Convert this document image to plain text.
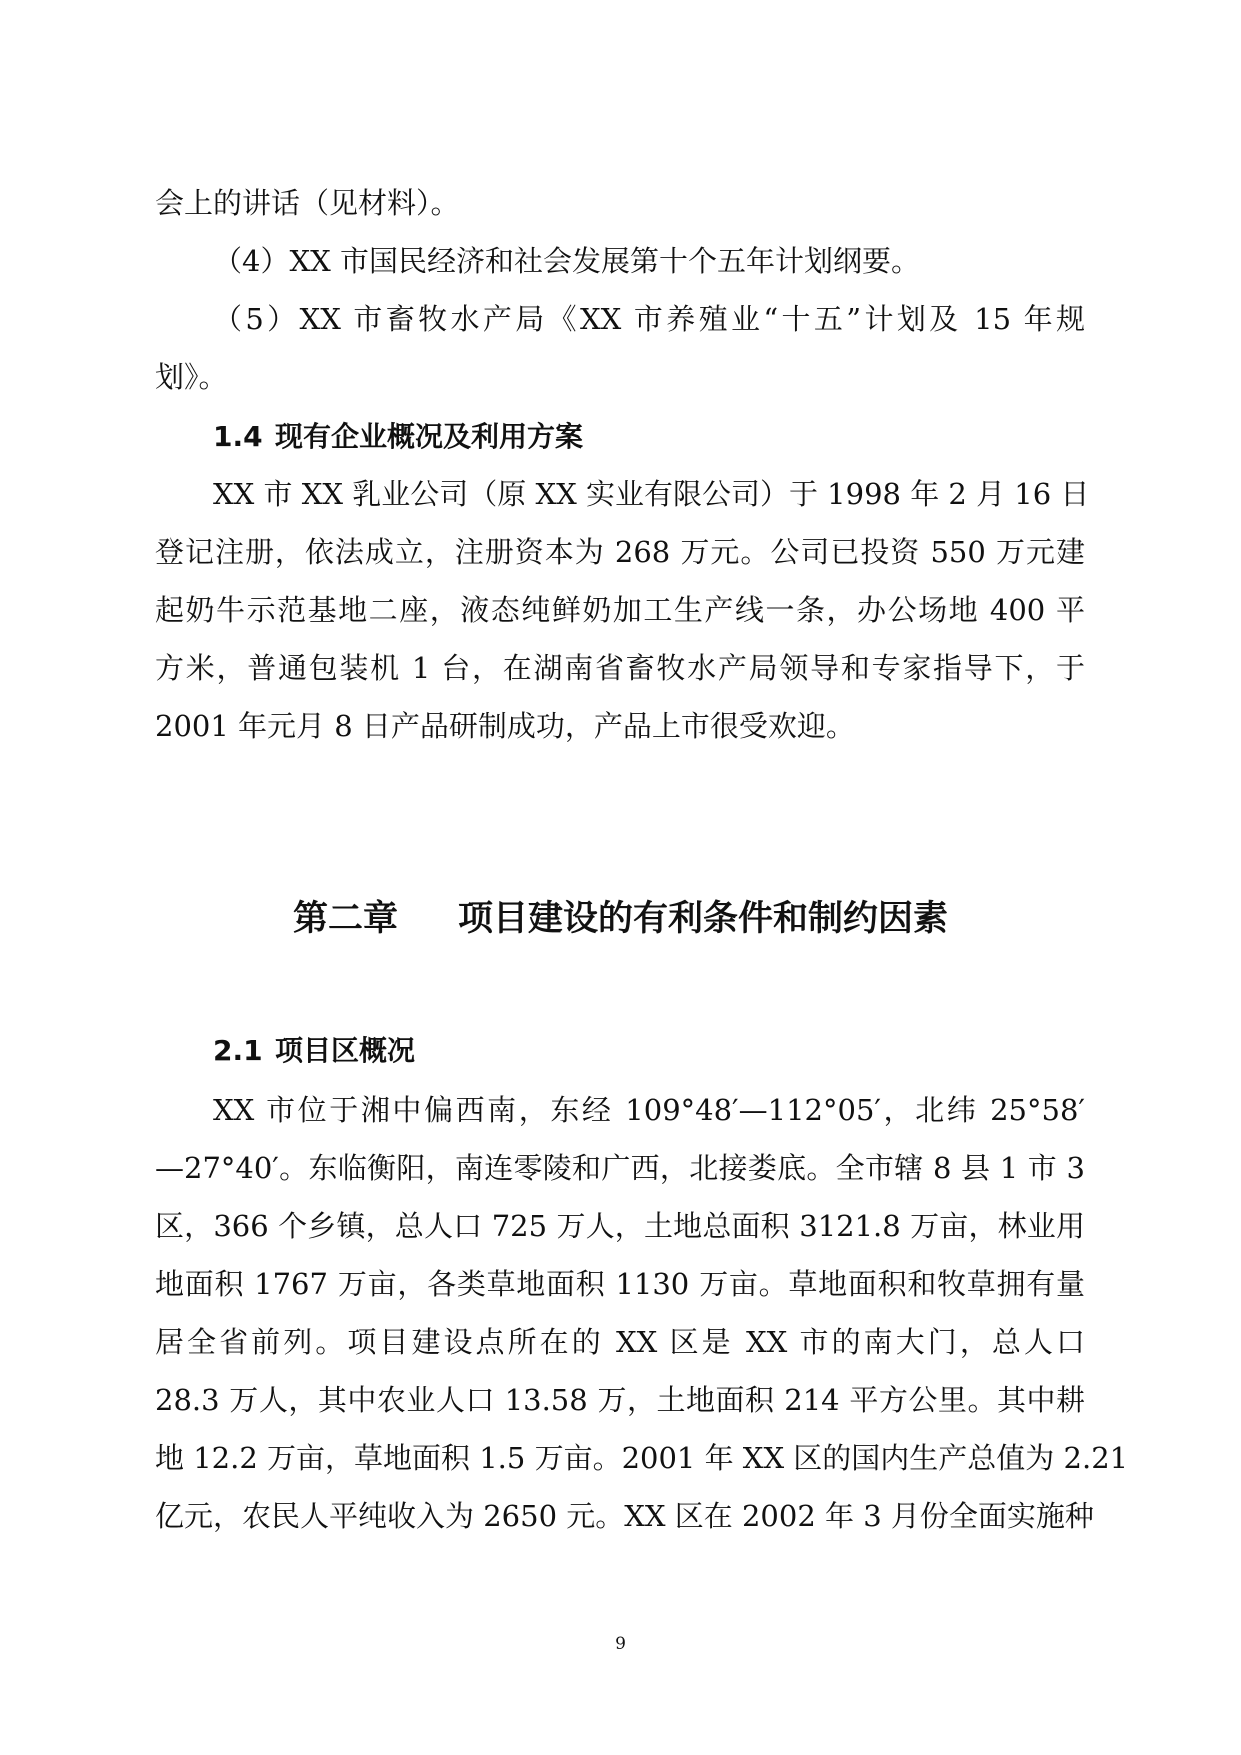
会上的讲话（见材料）。
（4）XX 市国民经济和社会发展第十个五年计划纲要。
（5）XX 市畜牧水产局《XX 市养殖业“十五”计划及 15 年规
划》。
1.4 现有企业概况及利用方案
XX 市 XX 乳业公司（原 XX 实业有限公司）于 1998 年 2 月 16 日
登记注册，依法成立，注册资本为 268 万元。公司已投资 550 万元建
起奶牛示范基地二座，液态纯鲜奶加工生产线一条，办公场地 400 平
方米，普通包装机 1 台，在湖南省畜牧水产局领导和专家指导下，于
2001 年元月 8 日产品研制成功，产品上市很受欢迎。
第二章 项目建设的有利条件和制约因素
2.1 项目区概况
XX 市位于湘中偏西南，东经 109°48′—112°05′，北纬 25°58′
—27°40′。东临衡阳，南连零陵和广西，北接娄底。全市辖 8 县 1 市 3
区，366 个乡镇，总人口 725 万人，土地总面积 3121.8 万亩，林业用
地面积 1767 万亩，各类草地面积 1130 万亩。草地面积和牧草拥有量
居全省前列。项目建设点所在的 XX 区是 XX 市的南大门，总人口
28.3 万人，其中农业人口 13.58 万，土地面积 214 平方公里。其中耕
地 12.2 万亩，草地面积 1.5 万亩。2001 年 XX 区的国内生产总值为 2.21
亿元，农民人平纯收入为 2650 元。XX 区在 2002 年 3 月份全面实施种
9
